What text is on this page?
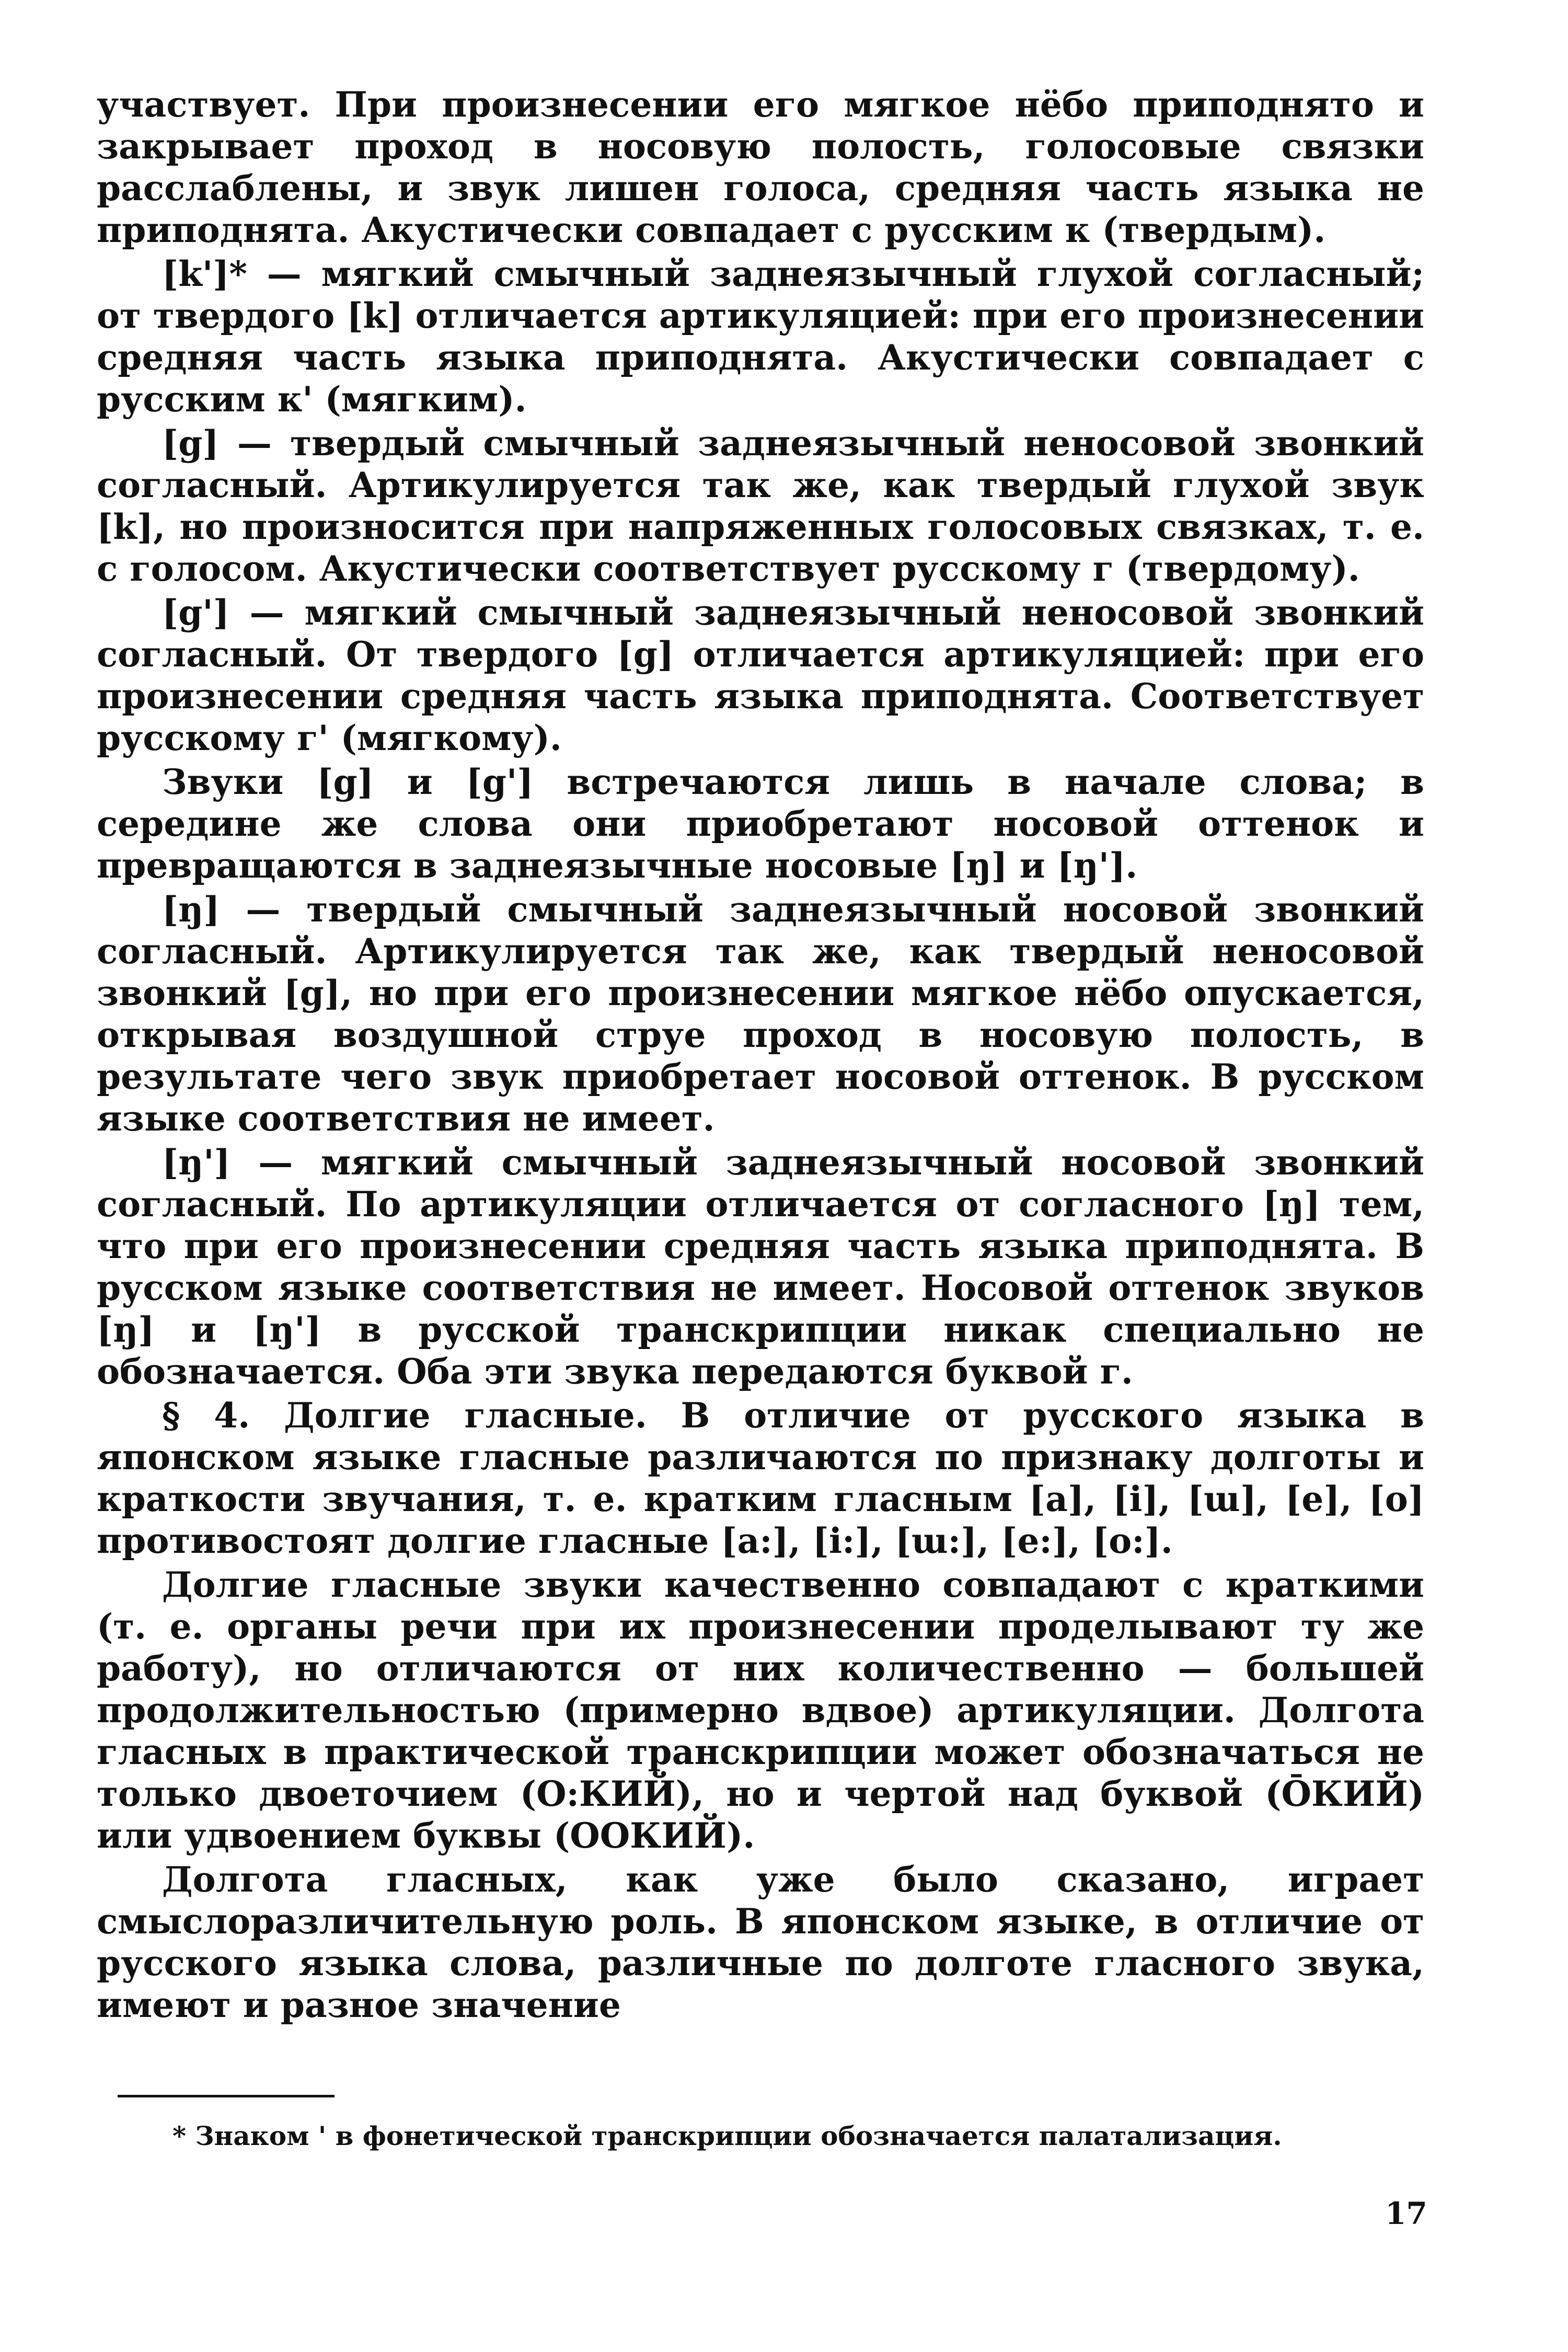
участвует. При произнесении его мягкое нёбо приподнято и закрывает проход в носовую полость, голосовые связки расслаблены, и звук лишен голоса, средняя часть языка не приподнята. Акустически совпадает с русским к (твердым).

[k']* — мягкий смычный заднеязычный глухой согласный; от твердого [k] отличается артикуляцией: при его произнесении средняя часть языка приподнята. Акустически совпадает с русским к' (мягким).

[g] — твердый смычный заднеязычный неносовой звонкий согласный. Артикулируется так же, как твердый глухой звук [k], но произносится при напряженных голосовых связках, т. е. с голосом. Акустически соответствует русскому г (твердому).

[g'] — мягкий смычный заднеязычный неносовой звонкий согласный. От твердого [g] отличается артикуляцией: при его произнесении средняя часть языка приподнята. Соответствует русскому г' (мягкому).

Звуки [g] и [g'] встречаются лишь в начале слова; в середине же слова они приобретают носовой оттенок и превращаются в заднеязычные носовые [ŋ] и [ŋ'].

[ŋ] — твердый смычный заднеязычный носовой звонкий согласный. Артикулируется так же, как твердый неносовой звонкий [g], но при его произнесении мягкое нёбо опускается, открывая воздушной струе проход в носовую полость, в результате чего звук приобретает носовой оттенок. В русском языке соответствия не имеет.

[ŋ'] — мягкий смычный заднеязычный носовой звонкий согласный. По артикуляции отличается от согласного [ŋ] тем, что при его произнесении средняя часть языка приподнята. В русском языке соответствия не имеет. Носовой оттенок звуков [ŋ] и [ŋ'] в русской транскрипции никак специально не обозначается. Оба эти звука передаются буквой г.

§ 4. Долгие гласные. В отличие от русского языка в японском языке гласные различаются по признаку долготы и краткости звучания, т. е. кратким гласным [a], [i], [ɯ], [e], [o] противостоят долгие гласные [a:], [i:], [ɯ:], [e:], [o:].

Долгие гласные звуки качественно совпадают с краткими (т. е. органы речи при их произнесении проделывают ту же работу), но отличаются от них количественно — большей продолжительностью (примерно вдвое) артикуляции. Долгота гласных в практической транскрипции может обозначаться не только двоеточием (О:КИЙ), но и чертой над буквой (ŌКИЙ) или удвоением буквы (ООКИЙ).

Долгота гласных, как уже было сказано, играет смыслоразличительную роль. В японском языке, в отличие от русского языка слова, различные по долготе гласного звука, имеют и разное значение

* Знаком ' в фонетической транскрипции обозначается палатализация.

17
